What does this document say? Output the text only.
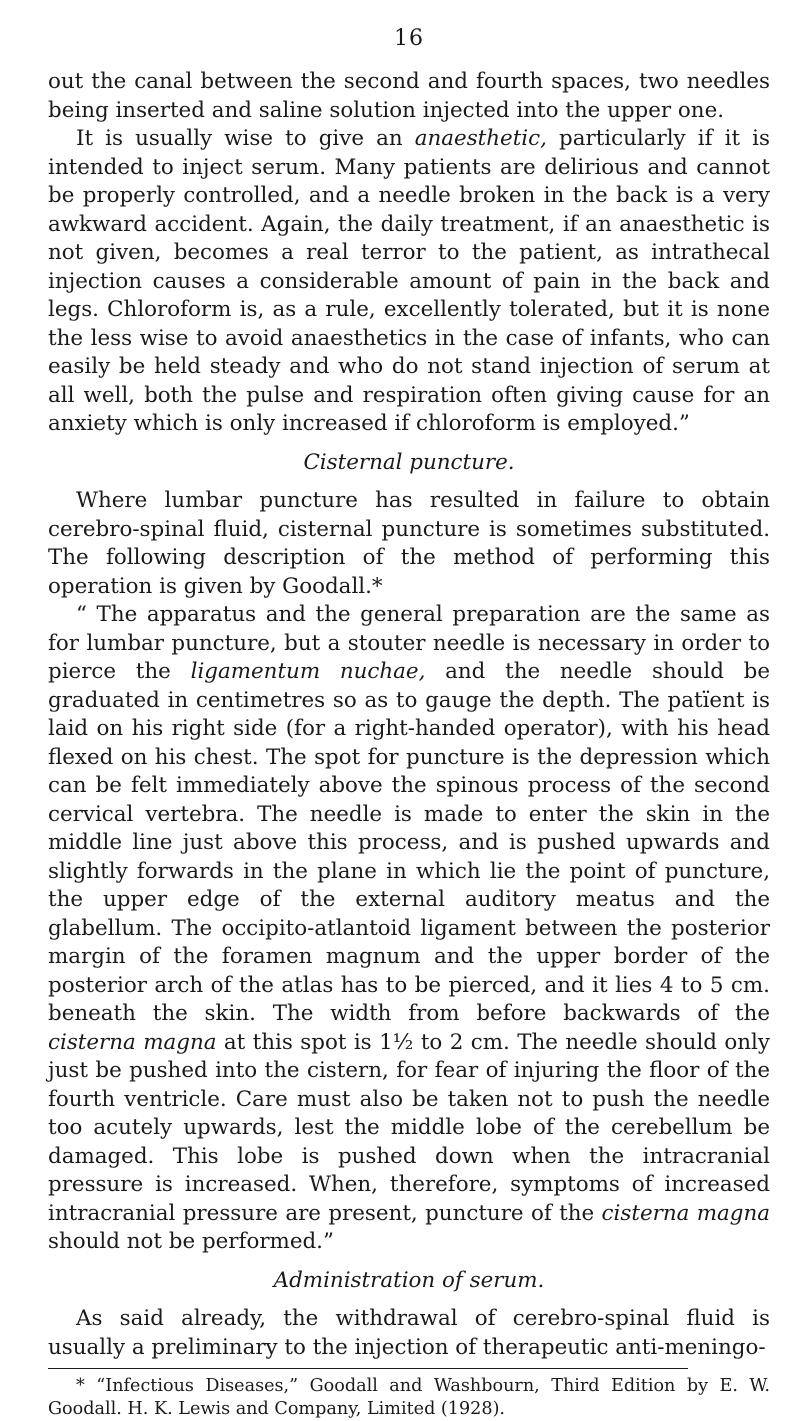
16

out the canal between the second and fourth spaces, two needles being inserted and saline solution injected into the upper one.

It is usually wise to give an anaesthetic, particularly if it is intended to inject serum. Many patients are delirious and cannot be properly controlled, and a needle broken in the back is a very awkward accident. Again, the daily treatment, if an anaesthetic is not given, becomes a real terror to the patient, as intrathecal injection causes a considerable amount of pain in the back and legs. Chloroform is, as a rule, excellently tolerated, but it is none the less wise to avoid anaesthetics in the case of infants, who can easily be held steady and who do not stand injection of serum at all well, both the pulse and respiration often giving cause for an anxiety which is only increased if chloroform is employed.”

Cisternal puncture.

Where lumbar puncture has resulted in failure to obtain cerebro-spinal fluid, cisternal puncture is sometimes substituted. The following description of the method of performing this operation is given by Goodall.*

“ The apparatus and the general preparation are the same as for lumbar puncture, but a stouter needle is necessary in order to pierce the ligamentum nuchae, and the needle should be graduated in centimetres so as to gauge the depth. The patı̈ent is laid on his right side (for a right-handed operator), with his head flexed on his chest. The spot for puncture is the depression which can be felt immediately above the spinous process of the second cervical vertebra. The needle is made to enter the skin in the middle line just above this process, and is pushed upwards and slightly forwards in the plane in which lie the point of puncture, the upper edge of the external auditory meatus and the glabellum. The occipito-atlantoid ligament between the posterior margin of the foramen magnum and the upper border of the posterior arch of the atlas has to be pierced, and it lies 4 to 5 cm. beneath the skin. The width from before backwards of the cisterna magna at this spot is 1½ to 2 cm. The needle should only just be pushed into the cistern, for fear of injuring the floor of the fourth ventricle. Care must also be taken not to push the needle too acutely upwards, lest the middle lobe of the cerebellum be damaged. This lobe is pushed down when the intracranial pressure is increased. When, therefore, symptoms of increased intracranial pressure are present, puncture of the cisterna magna should not be performed.”

Administration of serum.

As said already, the withdrawal of cerebro-spinal fluid is usually a preliminary to the injection of therapeutic anti-meningo-

* “Infectious Diseases,” Goodall and Washbourn, Third Edition by E. W. Goodall. H. K. Lewis and Company, Limited (1928).
